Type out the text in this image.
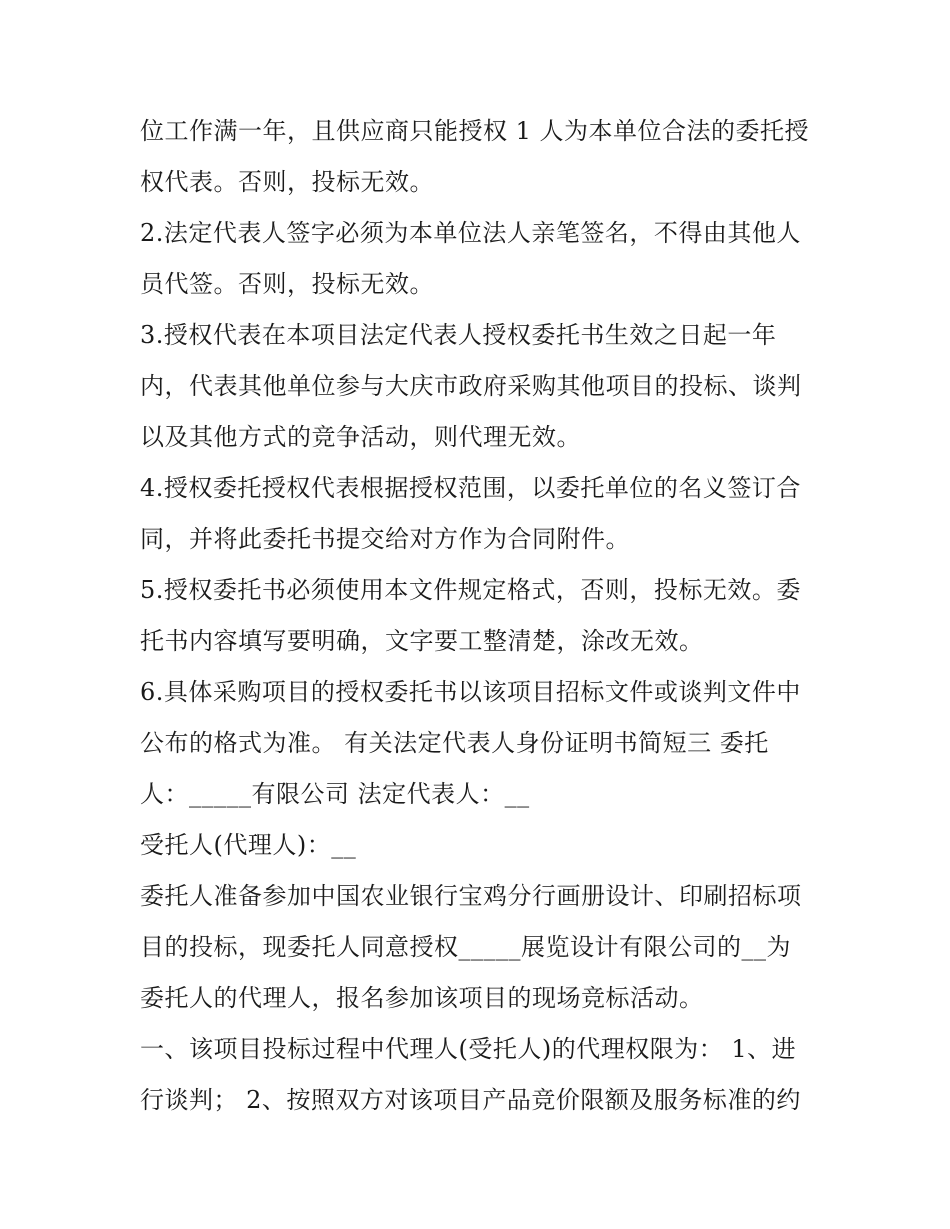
位工作满一年，且供应商只能授权 1 人为本单位合法的委托授
权代表。否则，投标无效。
2.法定代表人签字必须为本单位法人亲笔签名，不得由其他人
员代签。否则，投标无效。
3.授权代表在本项目法定代表人授权委托书生效之日起一年
内，代表其他单位参与大庆市政府采购其他项目的投标、谈判
以及其他方式的竞争活动，则代理无效。
4.授权委托授权代表根据授权范围，以委托单位的名义签订合
同，并将此委托书提交给对方作为合同附件。
5.授权委托书必须使用本文件规定格式，否则，投标无效。委
托书内容填写要明确，文字要工整清楚，涂改无效。
6.具体采购项目的授权委托书以该项目招标文件或谈判文件中
公布的格式为准。 有关法定代表人身份证明书简短三 委托
人：_____有限公司 法定代表人：__
受托人(代理人)：__
委托人准备参加中国农业银行宝鸡分行画册设计、印刷招标项
目的投标，现委托人同意授权_____展览设计有限公司的__为
委托人的代理人，报名参加该项目的现场竞标活动。
一、该项目投标过程中代理人(受托人)的代理权限为： 1、进
行谈判； 2、按照双方对该项目产品竞价限额及服务标准的约
